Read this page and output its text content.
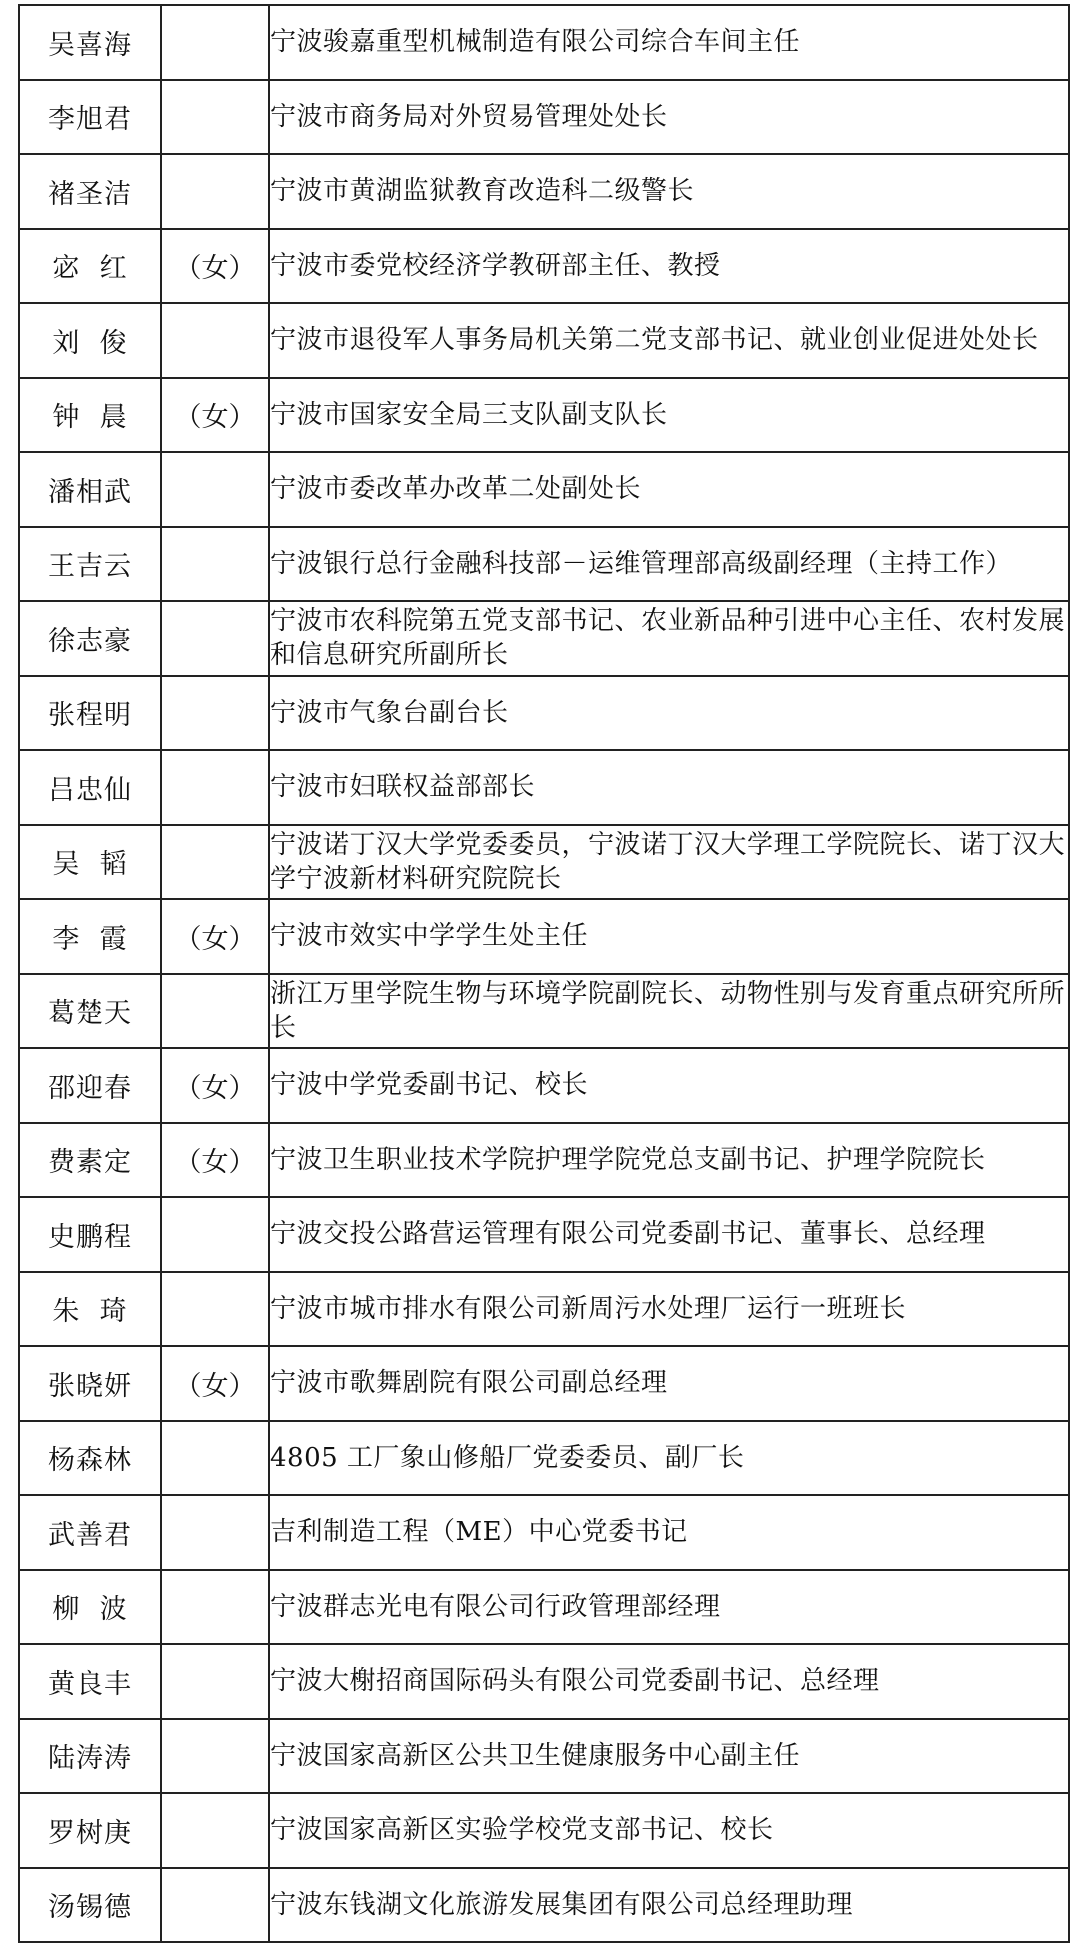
吴喜海		宁波骏嘉重型机械制造有限公司综合车间主任
李旭君		宁波市商务局对外贸易管理处处长
褚圣洁		宁波市黄湖监狱教育改造科二级警长
宓  红	（女）	宁波市委党校经济学教研部主任、教授
刘  俊		宁波市退役军人事务局机关第二党支部书记、就业创业促进处处长
钟  晨	（女）	宁波市国家安全局三支队副支队长
潘相武		宁波市委改革办改革二处副处长
王吉云		宁波银行总行金融科技部－运维管理部高级副经理（主持工作）
徐志豪		宁波市农科院第五党支部书记、农业新品种引进中心主任、农村发展和信息研究所副所长
张程明		宁波市气象台副台长
吕忠仙		宁波市妇联权益部部长
吴  韬		宁波诺丁汉大学党委委员，宁波诺丁汉大学理工学院院长、诺丁汉大学宁波新材料研究院院长
李  霞	（女）	宁波市效实中学学生处主任
葛楚天		浙江万里学院生物与环境学院副院长、动物性别与发育重点研究所所长
邵迎春	（女）	宁波中学党委副书记、校长
费素定	（女）	宁波卫生职业技术学院护理学院党总支副书记、护理学院院长
史鹏程		宁波交投公路营运管理有限公司党委副书记、董事长、总经理
朱  琦		宁波市城市排水有限公司新周污水处理厂运行一班班长
张晓妍	（女）	宁波市歌舞剧院有限公司副总经理
杨森林		4805 工厂象山修船厂党委委员、副厂长
武善君		吉利制造工程（ME）中心党委书记
柳  波		宁波群志光电有限公司行政管理部经理
黄良丰		宁波大榭招商国际码头有限公司党委副书记、总经理
陆涛涛		宁波国家高新区公共卫生健康服务中心副主任
罗树庚		宁波国家高新区实验学校党支部书记、校长
汤锡德		宁波东钱湖文化旅游发展集团有限公司总经理助理
